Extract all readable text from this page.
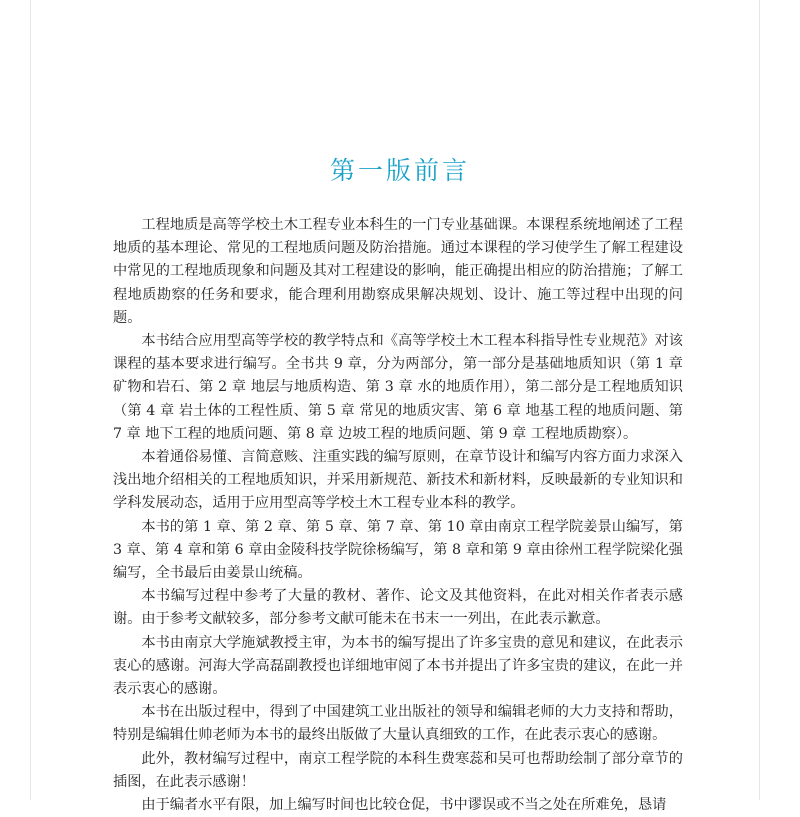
第一版前言

工程地质是高等学校土木工程专业本科生的一门专业基础课。本课程系统地阐述了工程地质的基本理论、常见的工程地质问题及防治措施。通过本课程的学习使学生了解工程建设中常见的工程地质现象和问题及其对工程建设的影响，能正确提出相应的防治措施；了解工程地质勘察的任务和要求，能合理利用勘察成果解决规划、设计、施工等过程中出现的问题。

本书结合应用型高等学校的教学特点和《高等学校土木工程本科指导性专业规范》对该课程的基本要求进行编写。全书共 9 章，分为两部分，第一部分是基础地质知识（第 1 章 矿物和岩石、第 2 章 地层与地质构造、第 3 章 水的地质作用），第二部分是工程地质知识（第 4 章 岩土体的工程性质、第 5 章 常见的地质灾害、第 6 章 地基工程的地质问题、第 7 章 地下工程的地质问题、第 8 章 边坡工程的地质问题、第 9 章 工程地质勘察）。

本着通俗易懂、言简意赅、注重实践的编写原则，在章节设计和编写内容方面力求深入浅出地介绍相关的工程地质知识，并采用新规范、新技术和新材料，反映最新的专业知识和学科发展动态，适用于应用型高等学校土木工程专业本科的教学。

本书的第 1 章、第 2 章、第 5 章、第 7 章、第 10 章由南京工程学院姜景山编写，第 3 章、第 4 章和第 6 章由金陵科技学院徐杨编写，第 8 章和第 9 章由徐州工程学院梁化强编写，全书最后由姜景山统稿。

本书编写过程中参考了大量的教材、著作、论文及其他资料，在此对相关作者表示感谢。由于参考文献较多，部分参考文献可能未在书末一一列出，在此表示歉意。

本书由南京大学施斌教授主审，为本书的编写提出了许多宝贵的意见和建议，在此表示衷心的感谢。河海大学高磊副教授也详细地审阅了本书并提出了许多宝贵的建议，在此一并表示衷心的感谢。

本书在出版过程中，得到了中国建筑工业出版社的领导和编辑老师的大力支持和帮助，特别是编辑仕帅老师为本书的最终出版做了大量认真细致的工作，在此表示衷心的感谢。

此外，教材编写过程中，南京工程学院的本科生费寒蕊和吴可也帮助绘制了部分章节的插图，在此表示感谢！

由于编者水平有限，加上编写时间也比较仓促，书中谬误或不当之处在所难免，恳请
